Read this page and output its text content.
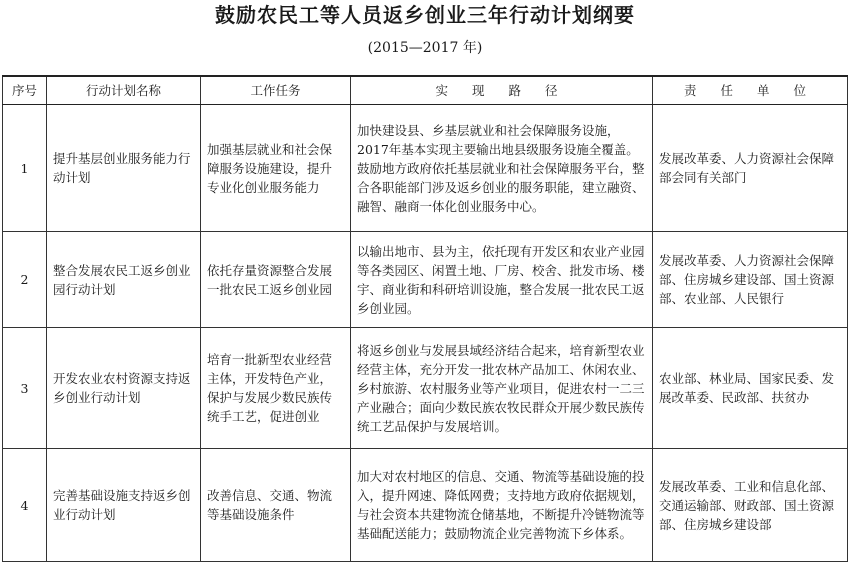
鼓励农民工等人员返乡创业三年行动计划纲要
(2015—2017 年)
序号	行动计划名称	工作任务	实 现 路 径	责 任 单 位
1	提升基层创业服务能力行动计划	加强基层就业和社会保障服务设施建设，提升专业化创业服务能力	加快建设县、乡基层就业和社会保障服务设施，2017年基本实现主要输出地县级服务设施全覆盖。鼓励地方政府依托基层就业和社会保障服务平台，整合各职能部门涉及返乡创业的服务职能，建立融资、融智、融商一体化创业服务中心。	发展改革委、人力资源社会保障部会同有关部门
2	整合发展农民工返乡创业园行动计划	依托存量资源整合发展一批农民工返乡创业园	以输出地市、县为主，依托现有开发区和农业产业园等各类园区、闲置土地、厂房、校舍、批发市场、楼宇、商业街和科研培训设施，整合发展一批农民工返乡创业园。	发展改革委、人力资源社会保障部、住房城乡建设部、国土资源部、农业部、人民银行
3	开发农业农村资源支持返乡创业行动计划	培育一批新型农业经营主体，开发特色产业，保护与发展少数民族传统手工艺，促进创业	将返乡创业与发展县域经济结合起来，培育新型农业经营主体，充分开发一批农林产品加工、休闲农业、乡村旅游、农村服务业等产业项目，促进农村一二三产业融合；面向少数民族农牧民群众开展少数民族传统工艺品保护与发展培训。	农业部、林业局、国家民委、发展改革委、民政部、扶贫办
4	完善基础设施支持返乡创业行动计划	改善信息、交通、物流等基础设施条件	加大对农村地区的信息、交通、物流等基础设施的投入，提升网速、降低网费；支持地方政府依据规划，与社会资本共建物流仓储基地，不断提升冷链物流等基础配送能力；鼓励物流企业完善物流下乡体系。	发展改革委、工业和信息化部、交通运输部、财政部、国土资源部、住房城乡建设部
